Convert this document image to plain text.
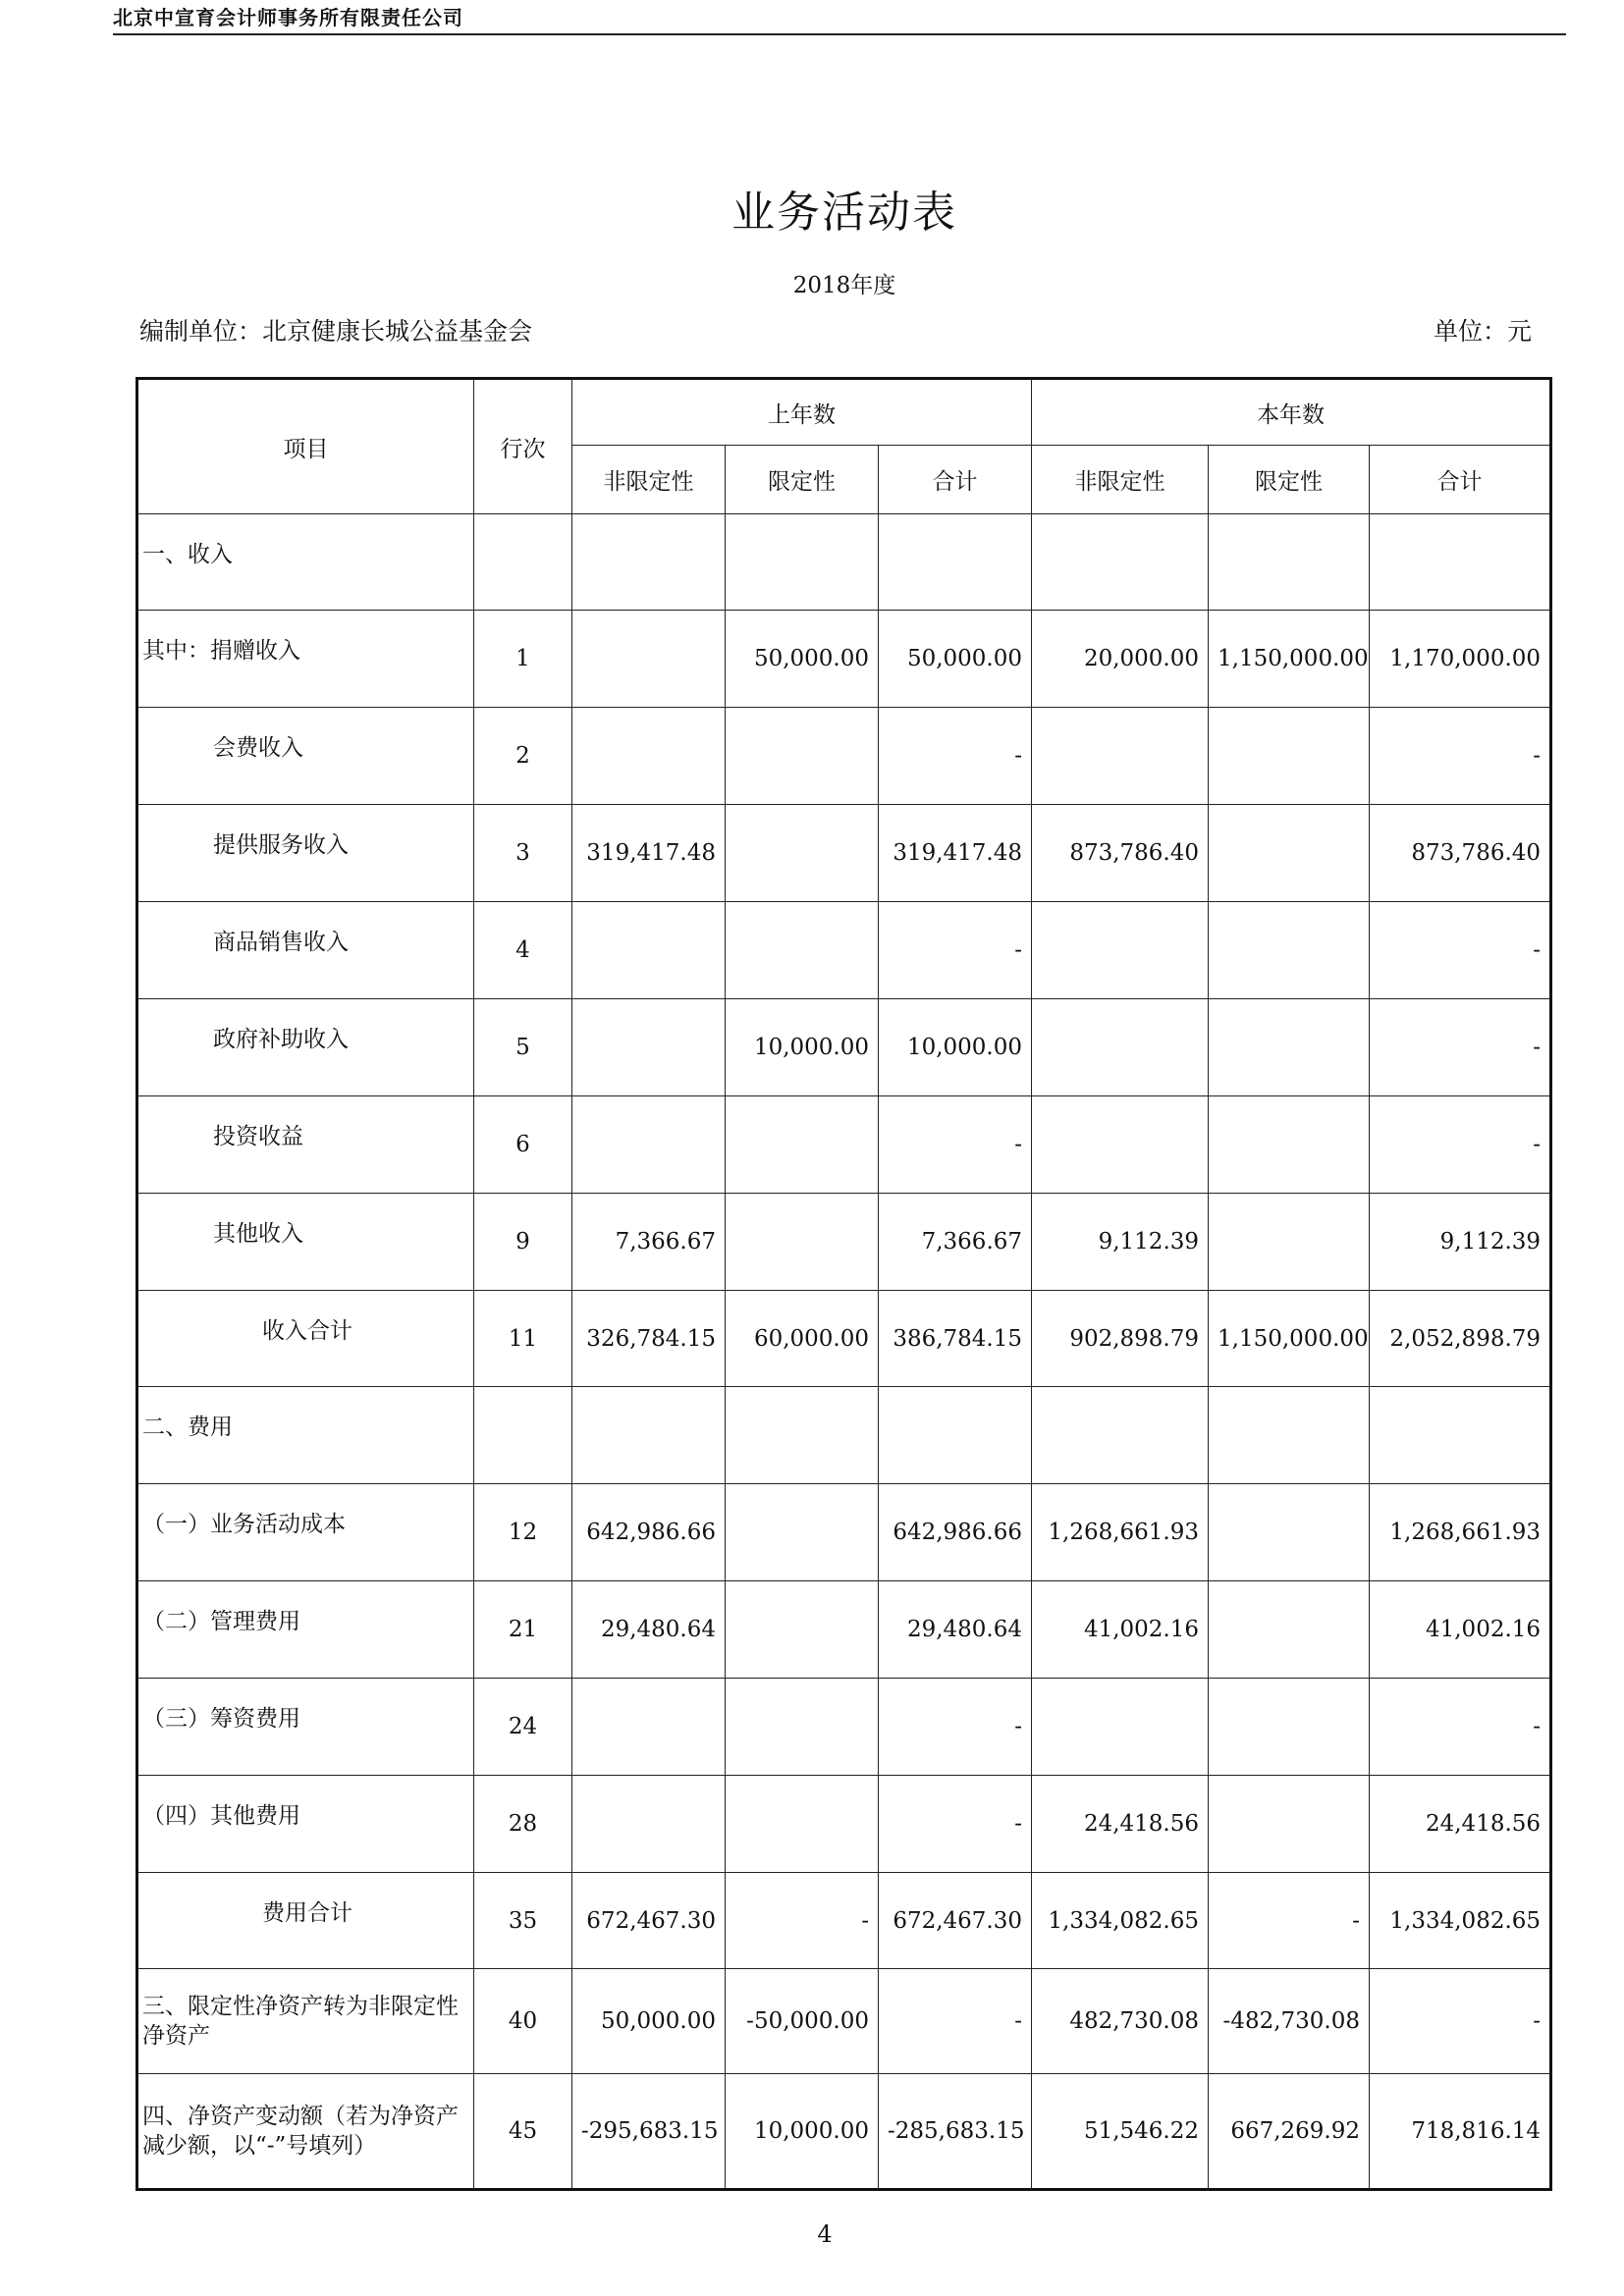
北京中宣育会计师事务所有限责任公司
业务活动表
2018年度
编制单位：北京健康长城公益基金会	单位：元
项目	行次	上年数			本年数		
		非限定性	限定性	合计	非限定性	限定性	合计
一、收入							
其中：捐赠收入	1		50,000.00	50,000.00	20,000.00	1,150,000.00	1,170,000.00
会费收入	2			-			-
提供服务收入	3	319,417.48		319,417.48	873,786.40		873,786.40
商品销售收入	4			-			-
政府补助收入	5		10,000.00	10,000.00			-
投资收益	6			-			-
其他收入	9	7,366.67		7,366.67	9,112.39		9,112.39
收入合计	11	326,784.15	60,000.00	386,784.15	902,898.79	1,150,000.00	2,052,898.79
二、费用							
（一）业务活动成本	12	642,986.66		642,986.66	1,268,661.93		1,268,661.93
（二）管理费用	21	29,480.64		29,480.64	41,002.16		41,002.16
（三）筹资费用	24			-			-
（四）其他费用	28			-	24,418.56		24,418.56
费用合计	35	672,467.30	-	672,467.30	1,334,082.65	-	1,334,082.65
三、限定性净资产转为非限定性
净资产	40	50,000.00	-50,000.00	-	482,730.08	-482,730.08	-
四、净资产变动额（若为净资产
减少额，以“-”号填列）	45	-295,683.15	10,000.00	-285,683.15	51,546.22	667,269.92	718,816.14
4
